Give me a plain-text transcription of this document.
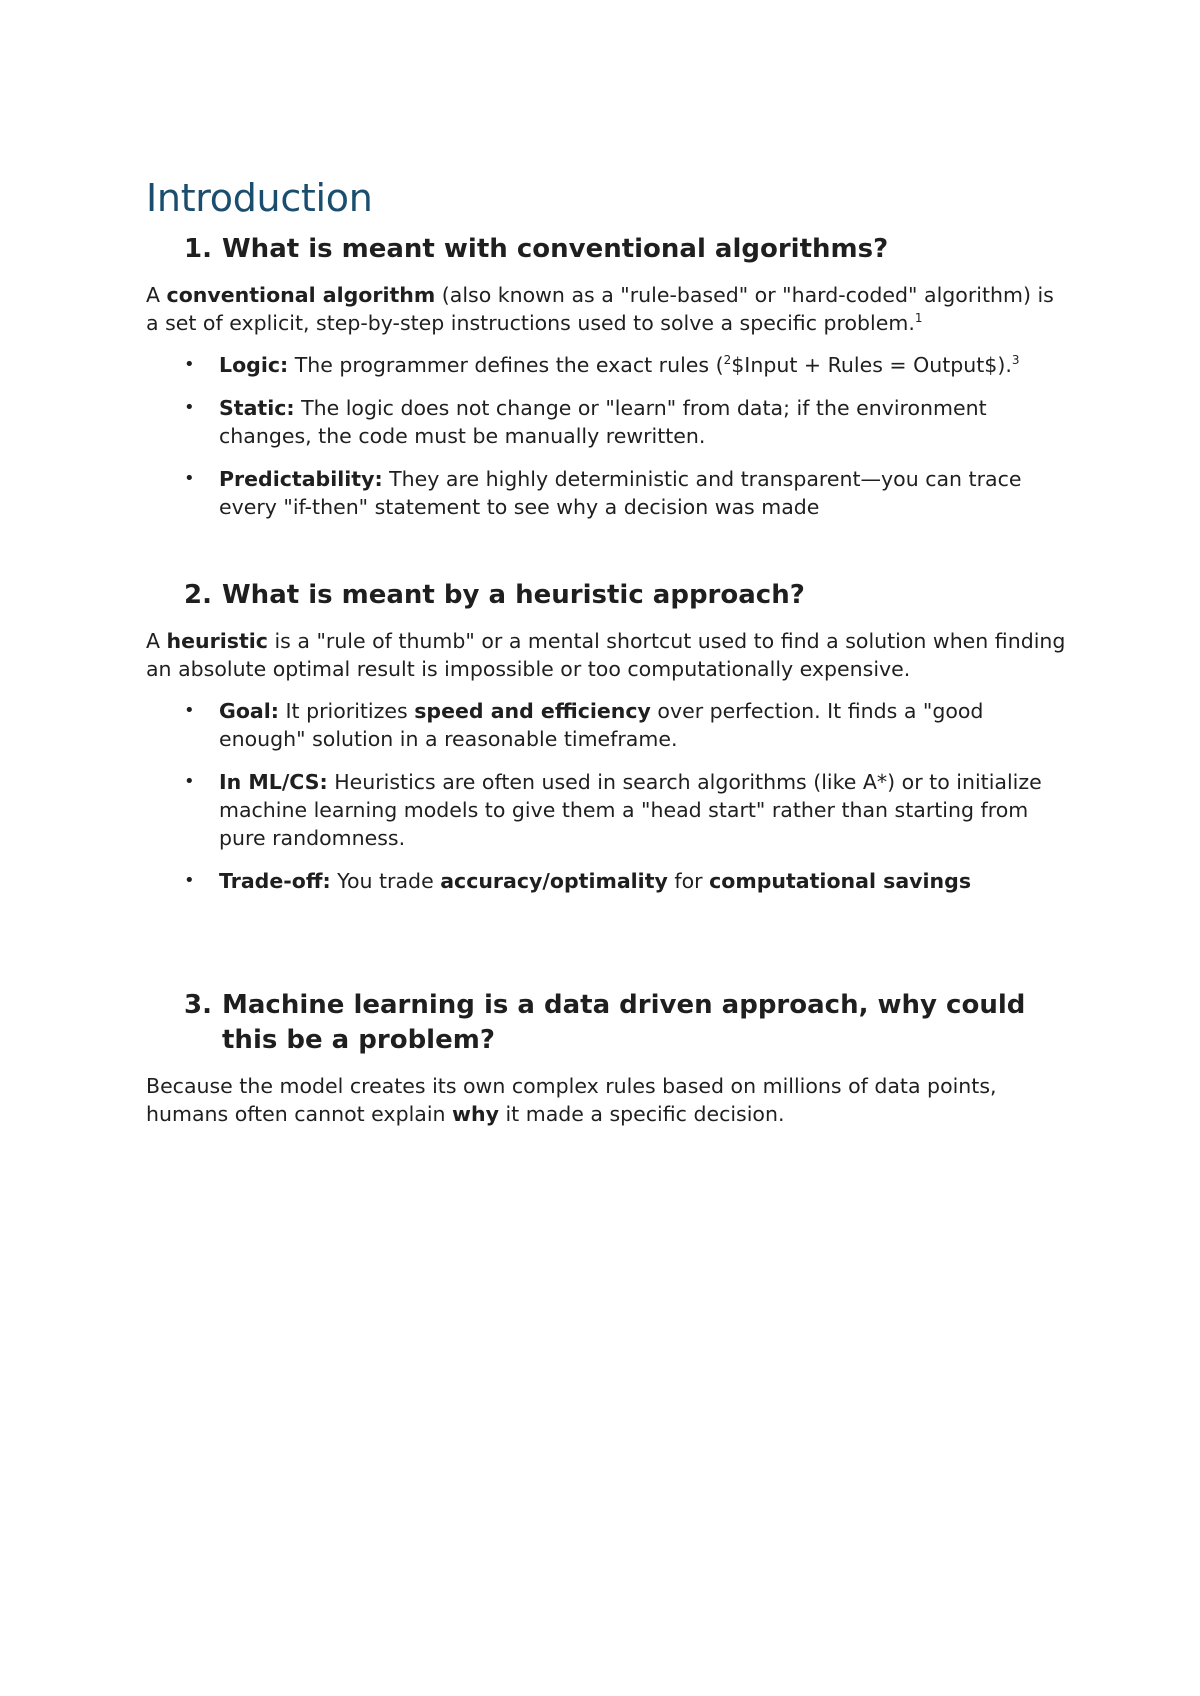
Introduction
1. What is meant with conventional algorithms?

A conventional algorithm (also known as a "rule-based" or "hard-coded" algorithm) is a set of explicit, step-by-step instructions used to solve a specific problem.$^1$

• Logic: The programmer defines the exact rules ($^2$\$Input + Rules = Output$).$^3$
• Static: The logic does not change or "learn" from data; if the environment changes, the code must be manually rewritten.
• Predictability: They are highly deterministic and transparent—you can trace every "if-then" statement to see why a decision was made
2. What is meant by a heuristic approach?

A heuristic is a "rule of thumb" or a mental shortcut used to find a solution when finding an absolute optimal result is impossible or too computationally expensive.

• Goal: It prioritizes speed and efficiency over perfection. It finds a "good enough" solution in a reasonable timeframe.
• In ML/CS: Heuristics are often used in search algorithms (like A*) or to initialize machine learning models to give them a "head start" rather than starting from pure randomness.
• Trade-off: You trade accuracy/optimality for computational savings
3. Machine learning is a data driven approach, why could this be a problem?

Because the model creates its own complex rules based on millions of data points, humans often cannot explain why it made a specific decision.
